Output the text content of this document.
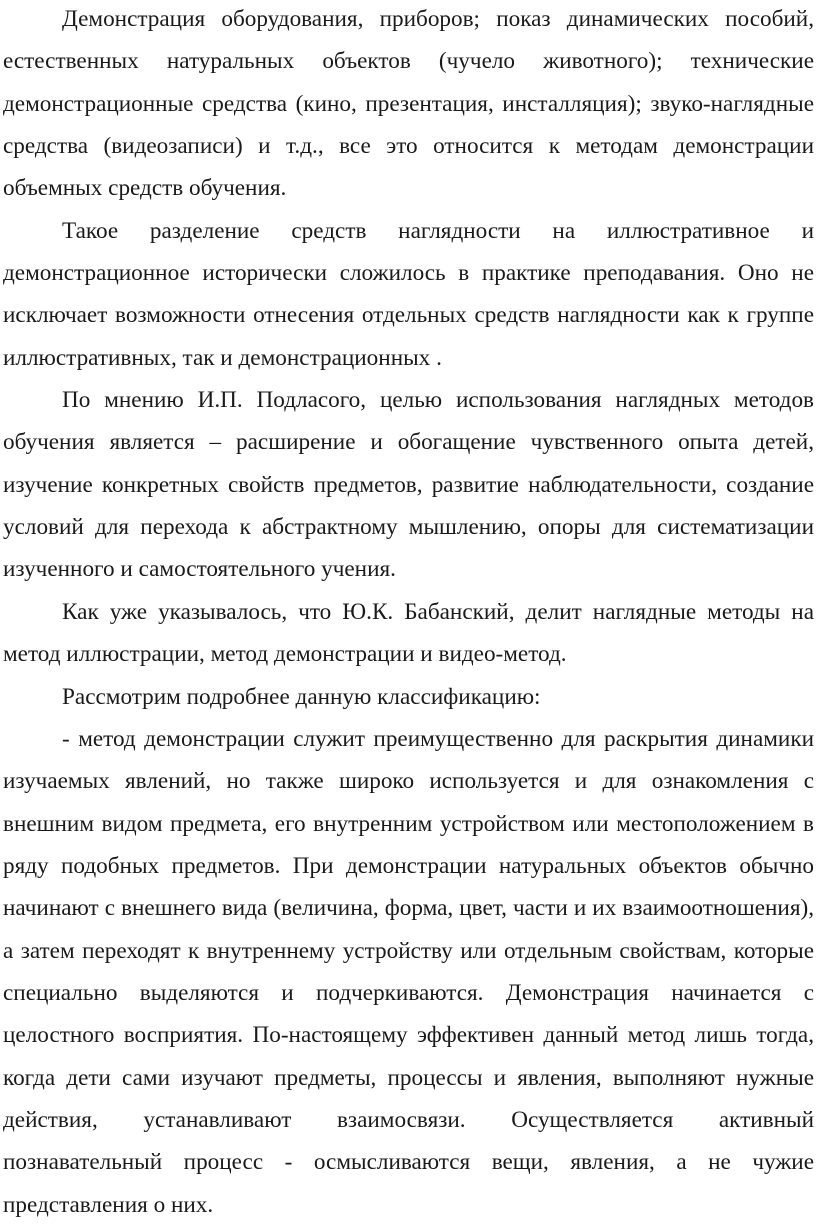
Демонстрация оборудования, приборов; показ динамических пособий, естественных натуральных объектов (чучело животного); технические демонстрационные средства (кино, презентация, инсталляция); звуко-наглядные средства (видеозаписи) и т.д., все это относится к методам демонстрации объемных средств обучения.

Такое разделение средств наглядности на иллюстративное и демонстрационное исторически сложилось в практике преподавания. Оно не исключает возможности отнесения отдельных средств наглядности как к группе иллюстративных, так и демонстрационных .

По мнению И.П. Подласого, целью использования наглядных методов обучения является – расширение и обогащение чувственного опыта детей, изучение конкретных свойств предметов, развитие наблюдательности, создание условий для перехода к абстрактному мышлению, опоры для систематизации изученного и самостоятельного учения.

Как уже указывалось, что Ю.К. Бабанский, делит наглядные методы на метод иллюстрации, метод демонстрации и видео-метод.

Рассмотрим подробнее данную классификацию:

- метод демонстрации служит преимущественно для раскрытия динамики изучаемых явлений, но также широко используется и для ознакомления с внешним видом предмета, его внутренним устройством или местоположением в ряду подобных предметов. При демонстрации натуральных объектов обычно начинают с внешнего вида (величина, форма, цвет, части и их взаимоотношения), а затем переходят к внутреннему устройству или отдельным свойствам, которые специально выделяются и подчеркиваются. Демонстрация начинается с целостного восприятия. По-настоящему эффективен данный метод лишь тогда, когда дети сами изучают предметы, процессы и явления, выполняют нужные действия, устанавливают взаимосвязи. Осуществляется активный познавательный процесс - осмысливаются вещи, явления, а не чужие представления о них.
